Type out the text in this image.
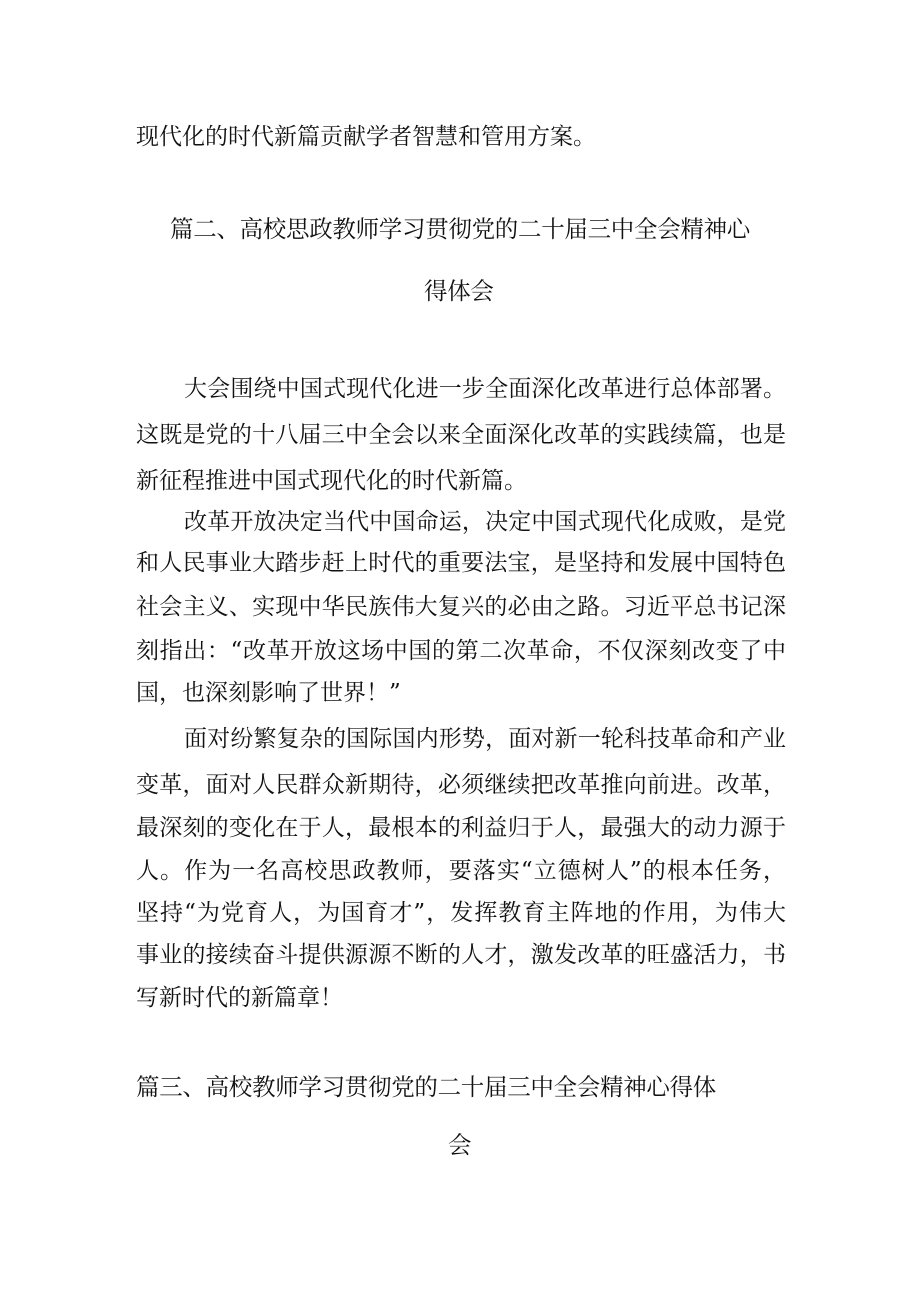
现代化的时代新篇贡献学者智慧和管用方案。
篇二、高校思政教师学习贯彻党的二十届三中全会精神心
得体会
大会围绕中国式现代化进一步全面深化改革进行总体部署。
这既是党的十八届三中全会以来全面深化改革的实践续篇，也是
新征程推进中国式现代化的时代新篇。
改革开放决定当代中国命运，决定中国式现代化成败，是党
和人民事业大踏步赶上时代的重要法宝，是坚持和发展中国特色
社会主义、实现中华民族伟大复兴的必由之路。习近平总书记深
刻指出：“改革开放这场中国的第二次革命，不仅深刻改变了中
国，也深刻影响了世界！”
面对纷繁复杂的国际国内形势，面对新一轮科技革命和产业
变革，面对人民群众新期待，必须继续把改革推向前进。改革，
最深刻的变化在于人，最根本的利益归于人，最强大的动力源于
人。作为一名高校思政教师，要落实“立德树人”的根本任务，
坚持“为党育人，为国育才”，发挥教育主阵地的作用，为伟大
事业的接续奋斗提供源源不断的人才，激发改革的旺盛活力，书
写新时代的新篇章！
篇三、高校教师学习贯彻党的二十届三中全会精神心得体
会
